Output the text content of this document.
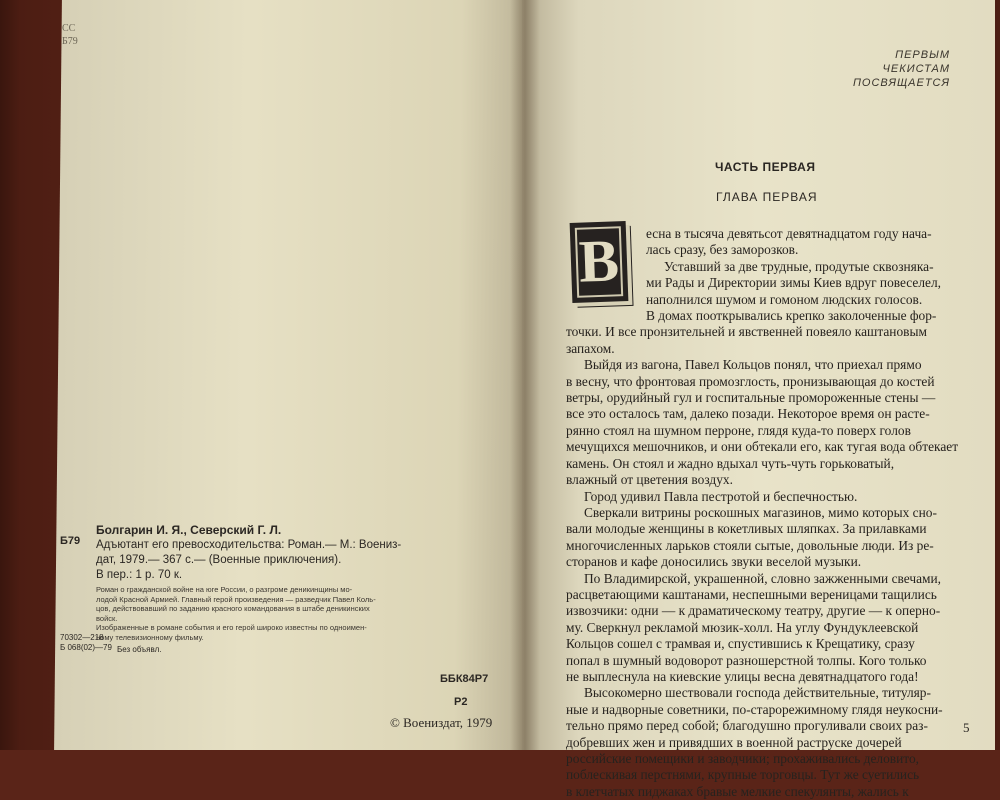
СС
Б79
Б79
Болгарин И. Я., Северский Г. Л.
Адъютант его превосходительства: Роман.— М.: Воениз-
дат, 1979.— 367 с.— (Военные приключения).
В пер.: 1 р. 70 к.
Роман о гражданской войне на юге России, о разгроме деникинщины мо-
лодой Красной Армией. Главный герой произведения — разведчик Павел Коль-
цов, действовавший по заданию красного командования в штабе деникинских
войск.
Изображенные в романе события и его герой широко известны по одноимен-
ному телевизионному фильму.
70302—218
Б 068(02)—79 Без объявл.
ББК84Р7
Р2
© Воениздат, 1979
ПЕРВЫМ
ЧЕКИСТАМ
ПОСВЯЩАЕТСЯ
ЧАСТЬ ПЕРВАЯ
ГЛАВА ПЕРВАЯ
В	есна в тысяча девятьсот девятнадцатом году нача-
лась сразу, без заморозков.
Уставший за две трудные, продутые сквозняка-
ми Рады и Директории зимы Киев вдруг повеселел,
наполнился шумом и гомоном людских голосов.
В домах пооткрывались крепко заколоченные фор-
точки. И все пронзительней и явственней повеяло каштановым
запахом.
Выйдя из вагона, Павел Кольцов понял, что приехал прямо
в весну, что фронтовая промозглость, пронизывающая до костей
ветры, орудийный гул и госпитальные промороженные стены —
все это осталось там, далеко позади. Некоторое время он расте-
рянно стоял на шумном перроне, глядя куда-то поверх голов
мечущихся мешочников, и они обтекали его, как тугая вода обтекает
камень. Он стоял и жадно вдыхал чуть-чуть горьковатый,
влажный от цветения воздух.
Город удивил Павла пестротой и беспечностью.
Сверкали витрины роскошных магазинов, мимо которых сно-
вали молодые женщины в кокетливых шляпках. За прилавками
многочисленных ларьков стояли сытые, довольные люди. Из ре-
сторанов и кафе доносились звуки веселой музыки.
По Владимирской, украшенной, словно зажженными свечами,
расцветающими каштанами, неспешными вереницами тащились
извозчики: одни — к драматическому театру, другие — к оперно-
му. Сверкнул рекламой мюзик-холл. На углу Фундуклеевской
Кольцов сошел с трамвая и, спустившись к Крещатику, сразу
попал в шумный водоворот разношерстной толпы. Кого только
не выплеснула на киевские улицы весна девятнадцатого года!
Высокомерно шествовали господа действительные, титуляр-
ные и надворные советники, по-старорежимному глядя неукосни-
тельно прямо перед собой; благодушно прогуливали своих раз-
добревших жен и привядших в военной раструске дочерей
российские помещики и заводчики; прохаживались деловито,
поблескивая перстнями, крупные торговцы. Тут же суетились
в клетчатых пиджаках бравые мелкие спекулянты, жались к
5
